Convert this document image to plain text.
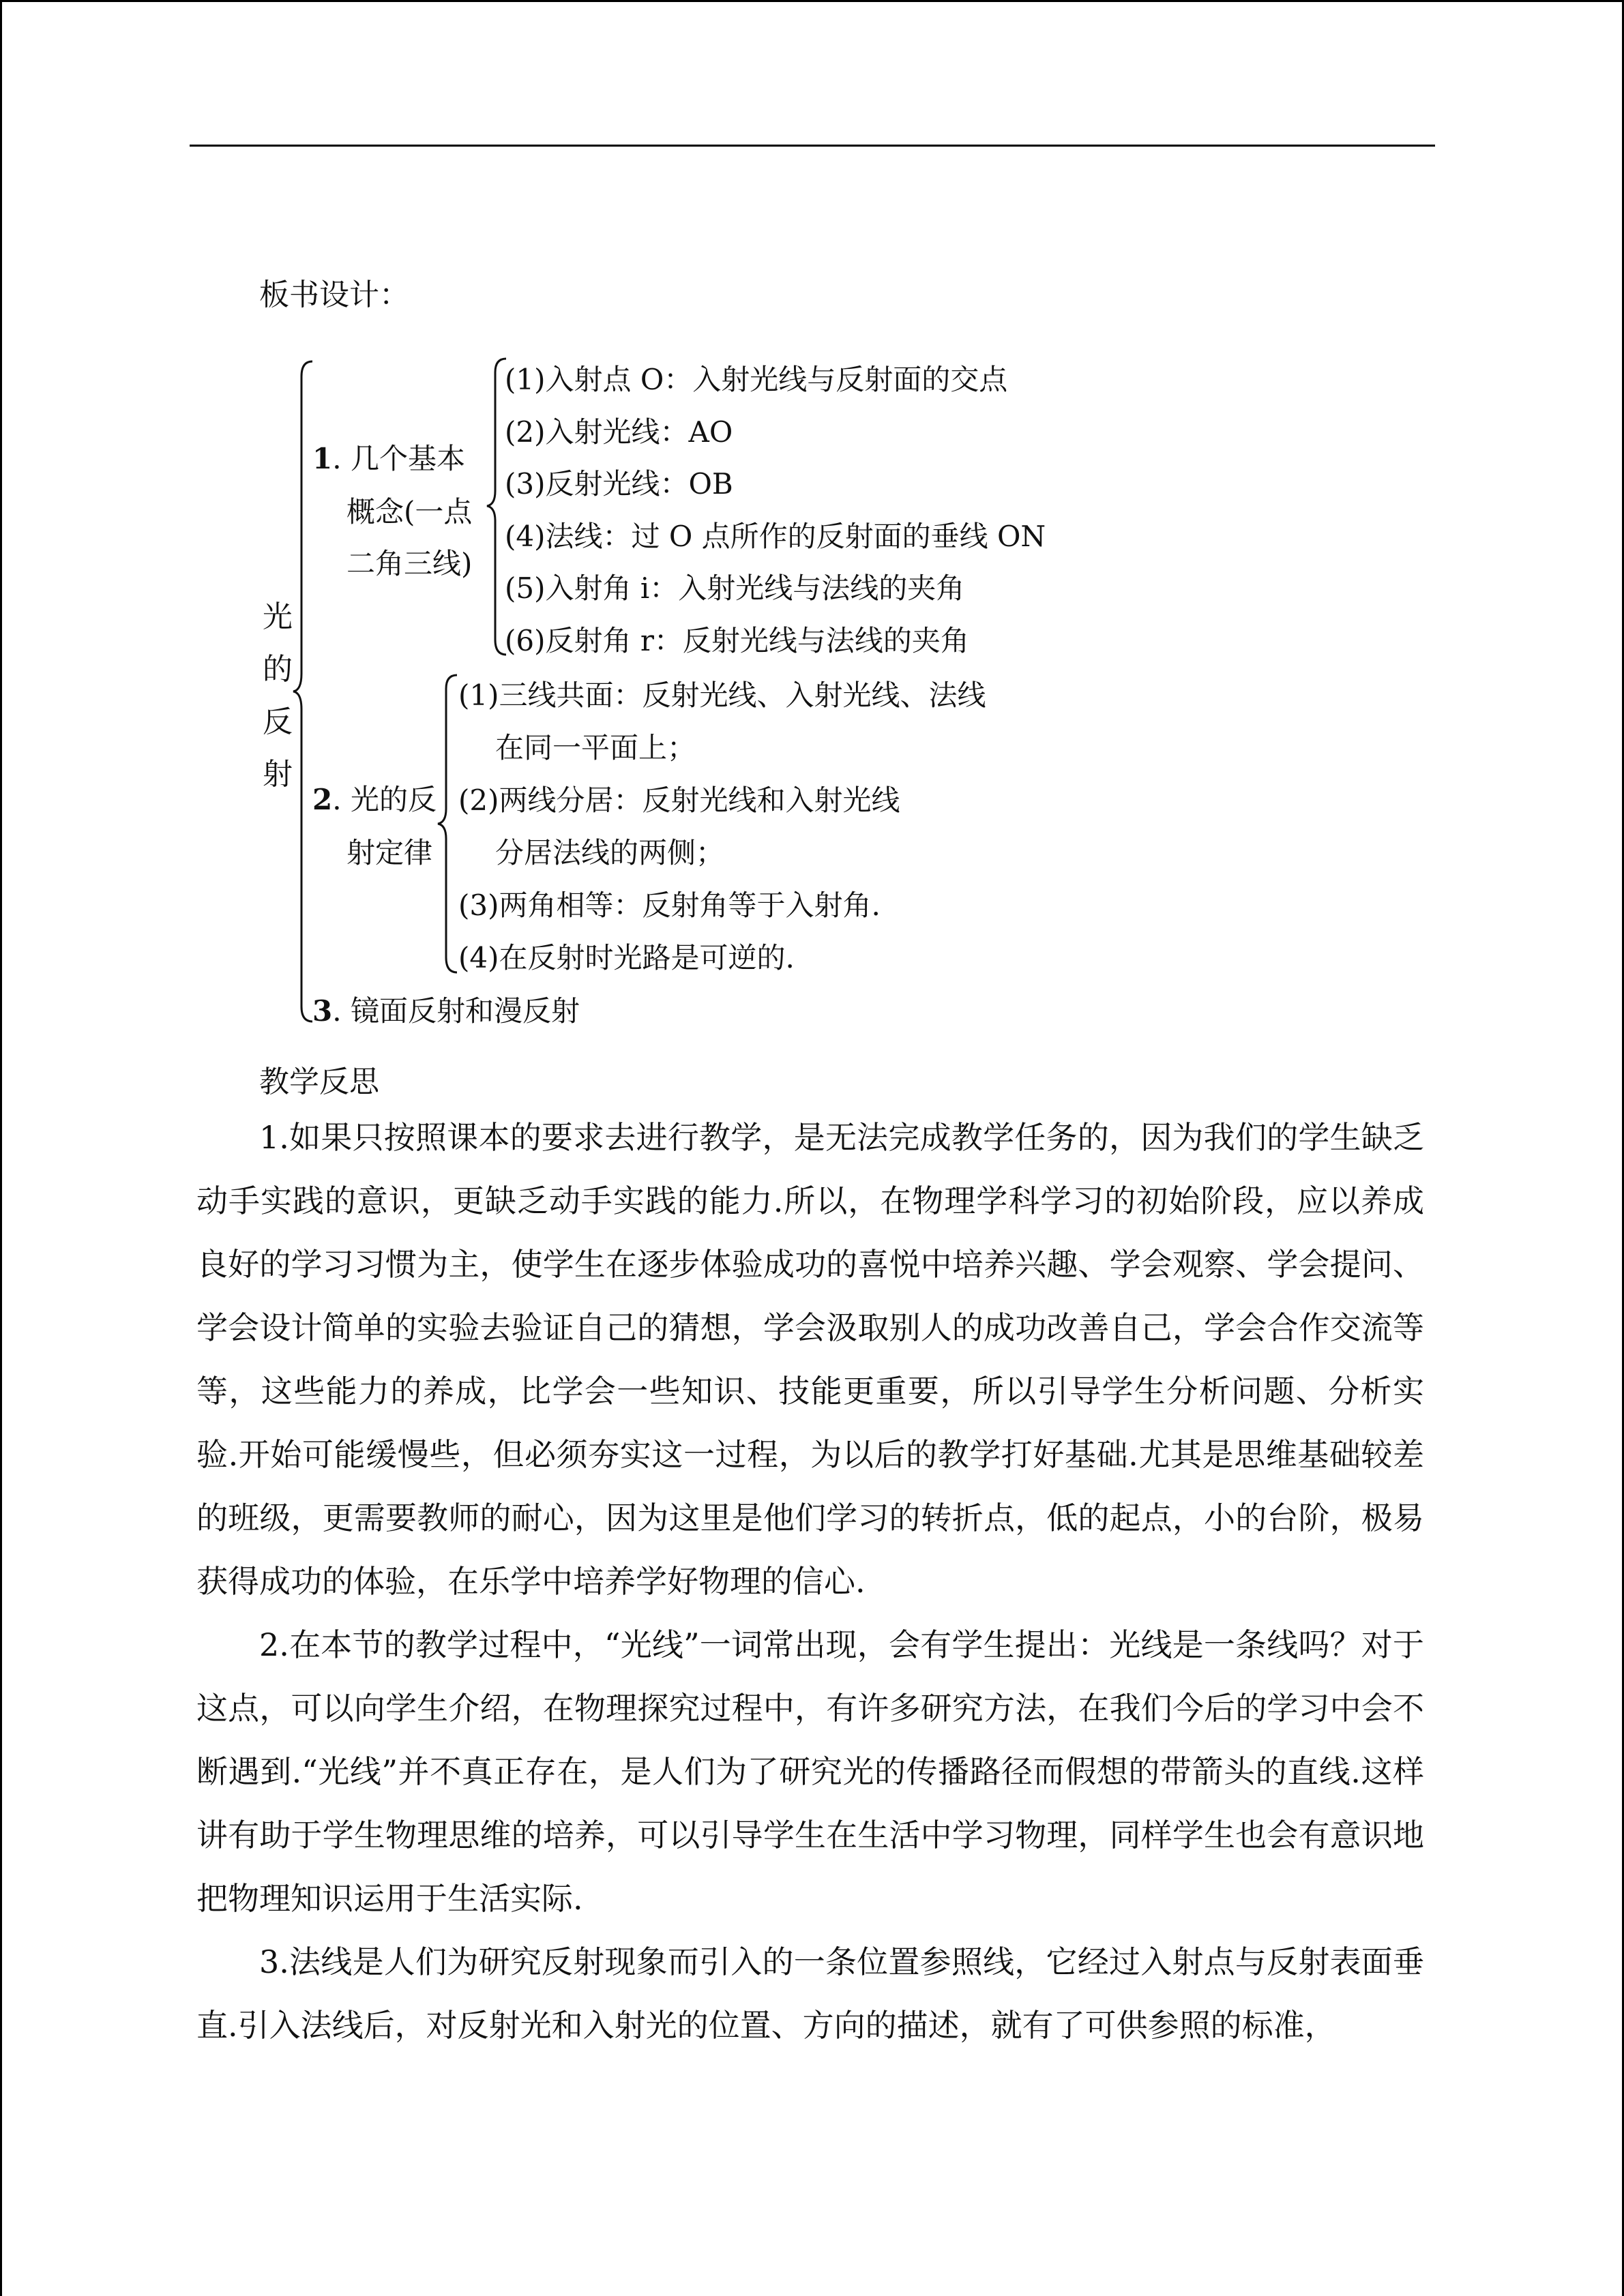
板书设计：
光
的
反
射
1. 几个基本
概念(一点
二角三线)
(1)入射点 O：入射光线与反射面的交点
(2)入射光线：AO
(3)反射光线：OB
(4)法线：过 O 点所作的反射面的垂线 ON
(5)入射角 i：入射光线与法线的夹角
(6)反射角 r：反射光线与法线的夹角
2. 光的反
射定律
(1)三线共面：反射光线、入射光线、法线
在同一平面上；
(2)两线分居：反射光线和入射光线
分居法线的两侧；
(3)两角相等：反射角等于入射角.
(4)在反射时光路是可逆的.
3. 镜面反射和漫反射
教学反思

1.如果只按照课本的要求去进行教学，是无法完成教学任务的，因为我们的学生缺乏动手实践的意识，更缺乏动手实践的能力.所以，在物理学科学习的初始阶段，应以养成良好的学习习惯为主，使学生在逐步体验成功的喜悦中培养兴趣、学会观察、学会提问、学会设计简单的实验去验证自己的猜想，学会汲取别人的成功改善自己，学会合作交流等等，这些能力的养成，比学会一些知识、技能更重要，所以引导学生分析问题、分析实验.开始可能缓慢些，但必须夯实这一过程，为以后的教学打好基础.尤其是思维基础较差的班级，更需要教师的耐心，因为这里是他们学习的转折点，低的起点，小的台阶，极易获得成功的体验，在乐学中培养学好物理的信心.

2.在本节的教学过程中，“光线”一词常出现，会有学生提出：光线是一条线吗？对于这点，可以向学生介绍，在物理探究过程中，有许多研究方法，在我们今后的学习中会不断遇到.“光线”并不真正存在，是人们为了研究光的传播路径而假想的带箭头的直线.这样讲有助于学生物理思维的培养，可以引导学生在生活中学习物理，同样学生也会有意识地把物理知识运用于生活实际.

3.法线是人们为研究反射现象而引入的一条位置参照线，它经过入射点与反射表面垂直.引入法线后，对反射光和入射光的位置、方向的描述，就有了可供参照的标准，
